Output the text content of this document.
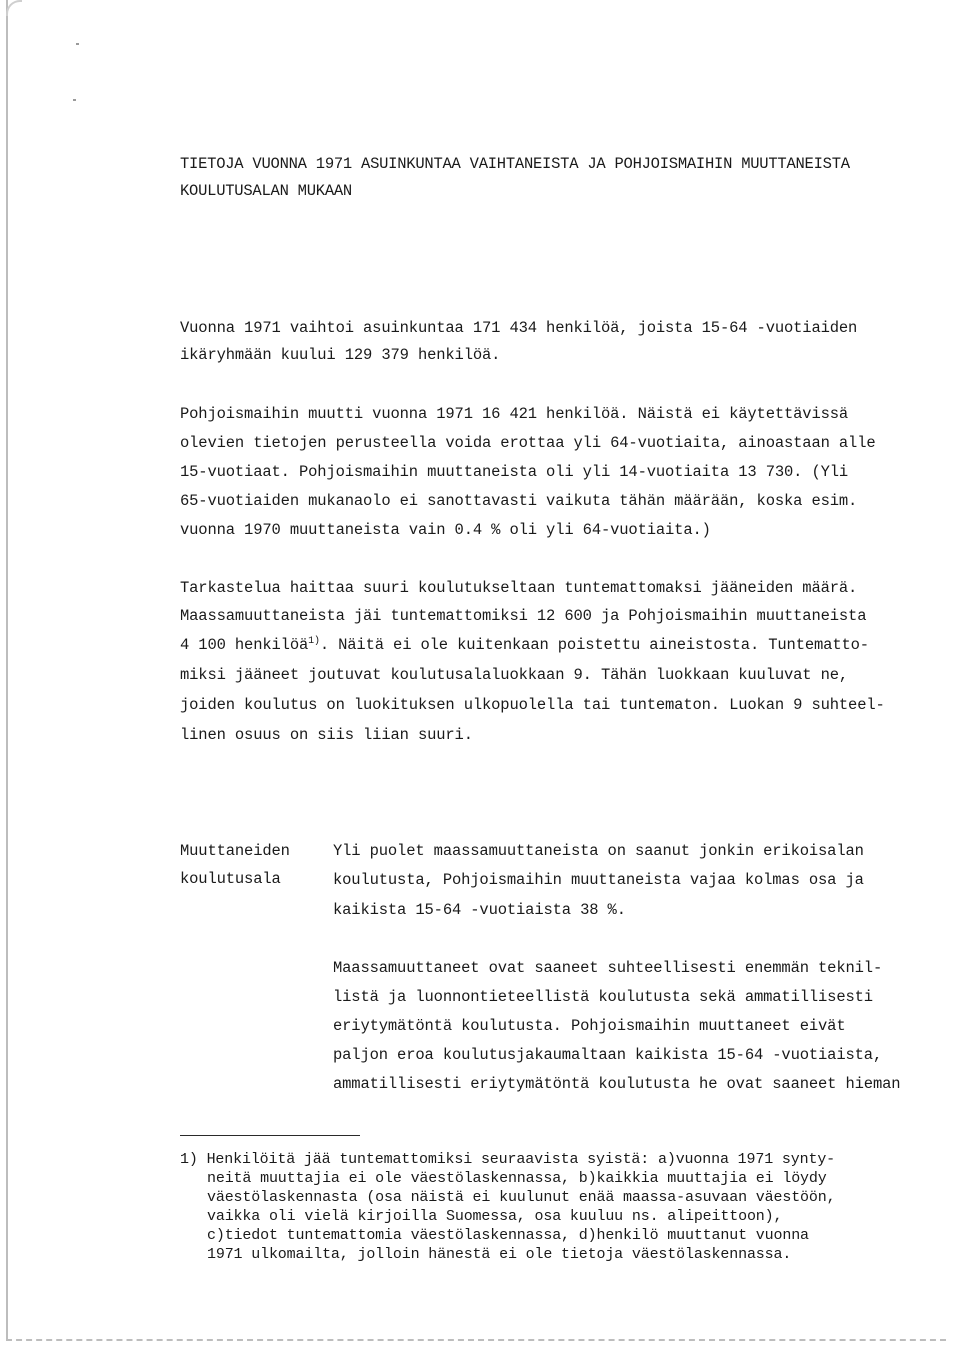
TIETOJA VUONNA 1971 ASUINKUNTAA VAIHTANEISTA JA POHJOISMAIHIN MUUTTANEISTA
KOULUTUSALAN MUKAAN
Vuonna 1971 vaihtoi asuinkuntaa 171 434 henkilöä, joista 15-64 -vuotiaiden
ikäryhmään kuului 129 379 henkilöä.
Pohjoismaihin muutti vuonna 1971 16 421 henkilöä. Näistä ei käytettävissä
olevien tietojen perusteella voida erottaa yli 64-vuotiaita, ainoastaan alle
15-vuotiaat. Pohjoismaihin muuttaneista oli yli 14-vuotiaita 13 730. (Yli
65-vuotiaiden mukanaolo ei sanottavasti vaikuta tähän määrään, koska esim.
vuonna 1970 muuttaneista vain 0.4 % oli yli 64-vuotiaita.)
Tarkastelua haittaa suuri koulutukseltaan tuntemattomaksi jääneiden määrä.
Maassamuuttaneista jäi tuntemattomiksi 12 600 ja Pohjoismaihin muuttaneista
4 100 henkilöä$^{1)}$. Näitä ei ole kuitenkaan poistettu aineistosta. Tuntematto-
miksi jääneet joutuvat koulutusalaluokkaan 9. Tähän luokkaan kuuluvat ne,
joiden koulutus on luokituksen ulkopuolella tai tuntematon. Luokan 9 suhteel-
linen osuus on siis liian suuri.
Muuttaneiden
koulutusala
Yli puolet maassamuuttaneista on saanut jonkin erikoisalan
koulutusta, Pohjoismaihin muuttaneista vajaa kolmas osa ja
kaikista 15-64 -vuotiaista 38 %.
Maassamuuttaneet ovat saaneet suhteellisesti enemmän teknil-
listä ja luonnontieteellistä koulutusta sekä ammatillisesti
eriytymätöntä koulutusta. Pohjoismaihin muuttaneet eivät
paljon eroa koulutusjakaumaltaan kaikista 15-64 -vuotiaista,
ammatillisesti eriytymätöntä koulutusta he ovat saaneet hieman
1) Henkilöitä jää tuntemattomiksi seuraavista syistä: a)vuonna 1971 synty-
neitä muuttajia ei ole väestölaskennassa, b)kaikkia muuttajia ei löydy
väestölaskennasta (osa näistä ei kuulunut enää maassa-asuvaan väestöön,
vaikka oli vielä kirjoilla Suomessa, osa kuuluu ns. alipeittoon),
c)tiedot tuntemattomia väestölaskennassa, d)henkilö muuttanut vuonna
1971 ulkomailta, jolloin hänestä ei ole tietoja väestölaskennassa.
